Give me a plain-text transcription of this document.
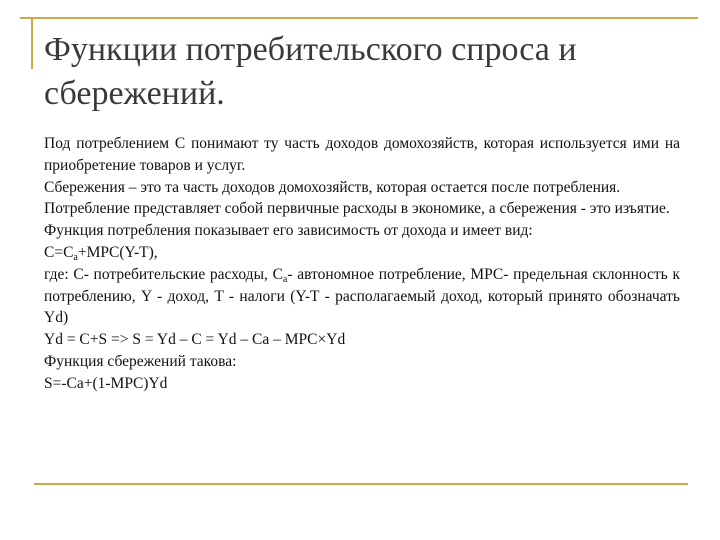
Функции потребительского спроса и
сбережений.

Под потреблением С понимают ту часть доходов домохозяйств, которая используется ими на приобретение товаров и услуг.

Сбережения – это та часть доходов домохозяйств, которая остается после потребления.

Потребление представляет собой первичные расходы в экономике, а сбережения - это изъятие.

Функция потребления показывает его зависимость от дохода и имеет вид:

$C=C_a+MPC(Y-T)$,

где: С- потребительские расходы, $С_a-$ автономное потребление, МРС- предельная склонность к потреблению, Y - доход, T - налоги (Y-T - располагаемый доход, который принято обозначать Yd)

Yd = C+S => S = Yd – C = Yd – Ca – MPC×Yd

Функция сбережений такова:

S=-Ca+(1-MPC)Yd
